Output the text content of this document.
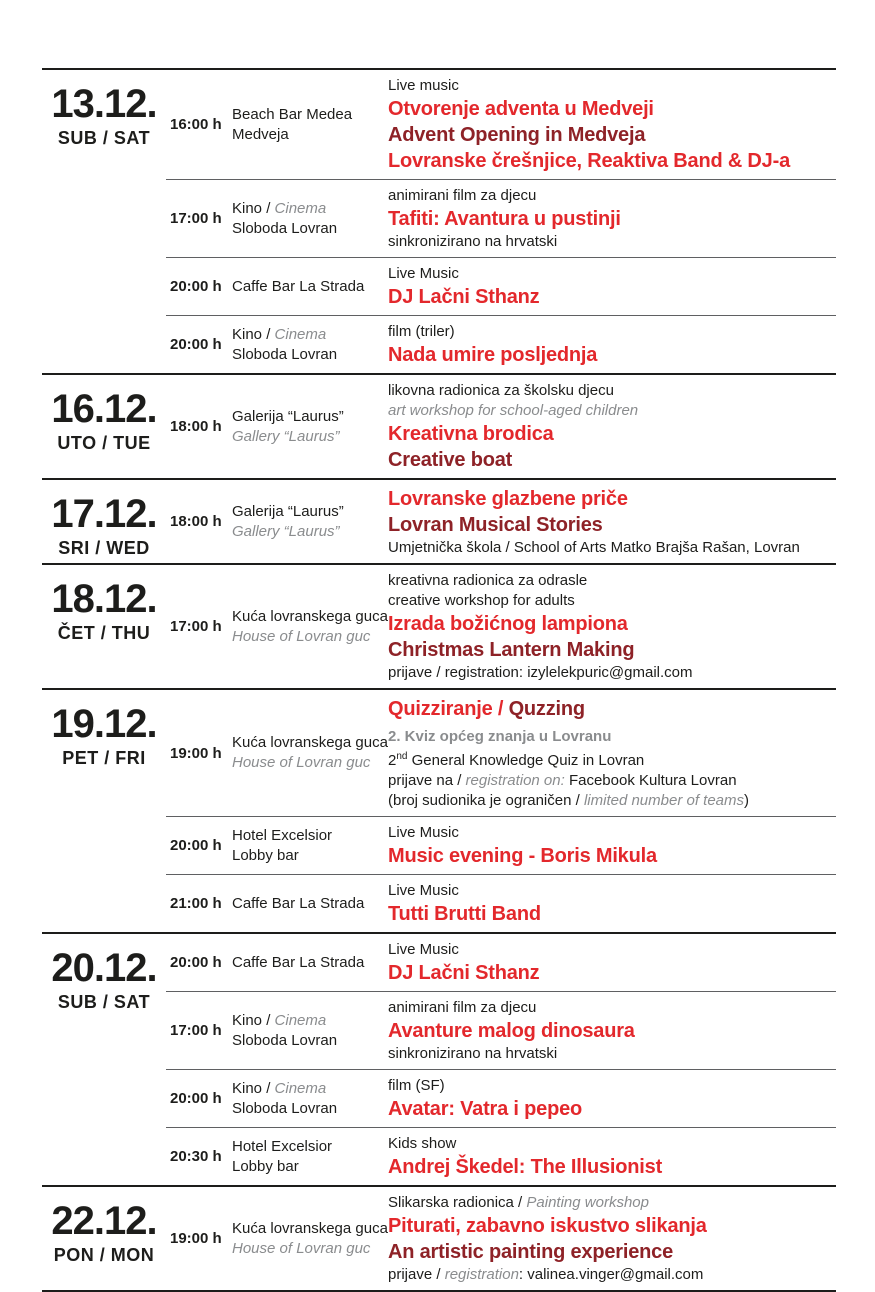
13.12.
SUB / SAT
16:00 h
Beach Bar Medea
Medveja
Live music
Otvorenje adventa u Medveji
Advent Opening in Medveja
Lovranske črešnjice, Reaktiva Band & DJ-a
17:00 h
Kino / Cinema
Sloboda Lovran
animirani film za djecu
Tafiti: Avantura u pustinji
sinkronizirano na hrvatski
20:00 h Caffe Bar La Strada
Live Music
DJ Lačni Sthanz
20:00 h
Kino / Cinema
Sloboda Lovran
film (triler)
Nada umire posljednja
16.12.
UTO / TUE
18:00 h
Galerija “Laurus”
Gallery “Laurus”
likovna radionica za školsku djecu
art workshop for school-aged children
Kreativna brodica
Creative boat
17.12.
SRI / WED
18:00 h
Galerija “Laurus”
Gallery “Laurus”
Lovranske glazbene priče
Lovran Musical Stories
Umjetnička škola / School of Arts Matko Brajša Rašan, Lovran
18.12.
ČET / THU	17:00 h
Kuća lovranskega guca
House of Lovran guc
kreativna radionica za odrasle
creative workshop for adults
Izrada božićnog lampiona
Christmas Lantern Making
prijave / registration: izylelekpuric@gmail.com
19.12.
PET / FRI	19:00 h
Kuća lovranskega guca
House of Lovran guc
Quizziranje / Quzzing
2. Kviz općeg znanja u Lovranu
2nd General Knowledge Quiz in Lovran
prijave na / registration on: Facebook Kultura Lovran
(broj sudionika je ograničen / limited number of teams)
20:00 h
Hotel Excelsior
Lobby bar
Live Music
Music evening - Boris Mikula
21:00 h Caffe Bar La Strada
Live Music
Tutti Brutti Band
20.12.
SUB / SAT
20:00 h Caffe Bar La Strada
Live Music
DJ Lačni Sthanz
17:00 h
Kino / Cinema
Sloboda Lovran
animirani film za djecu
Avanture malog dinosaura
sinkronizirano na hrvatski
20:00 h
Kino / Cinema
Sloboda Lovran
film (SF)
Avatar: Vatra i pepeo
20:30 h
Hotel Excelsior
Lobby bar
Kids show
Andrej Škedel: The Illusionist
22.12.
PON / MON
19:00 h
Kuća lovranskega guca
House of Lovran guc
Slikarska radionica / Painting workshop
Piturati, zabavno iskustvo slikanja
An artistic painting experience
prijave / registration: valinea.vinger@gmail.com
